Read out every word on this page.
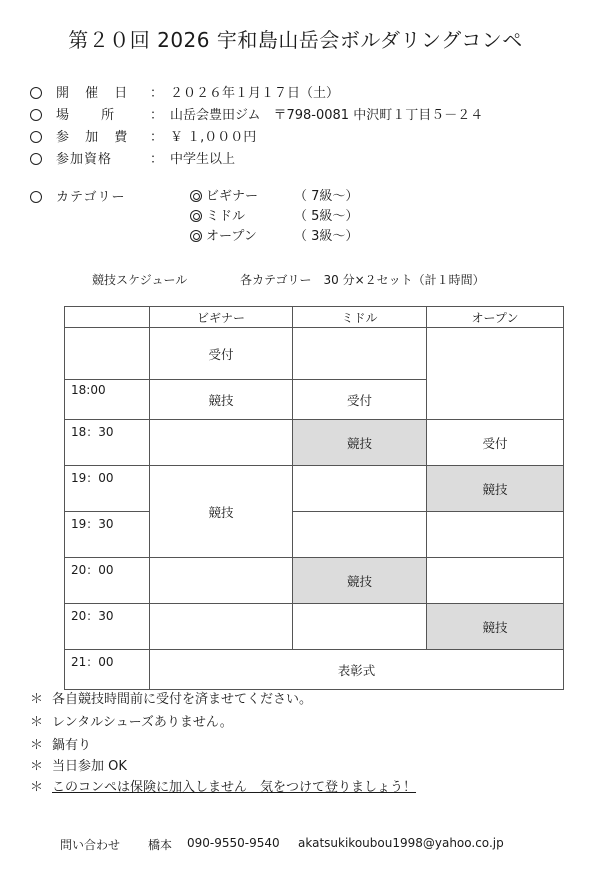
第２０回 2026 宇和島山岳会ボルダリングコンペ
開 催 日 ： ２０２６年１月１７日（土）
場 所 ： 山岳会豊田ジム　〒798-0081 中沢町１丁目５－２４
参 加 費 ： ￥ １,０００円
参加資格	： 中学生以上
カテゴリー	ビギナー	（ 7級～）
ミドル	（ 5級～）
オープン	（ 3級～）
競技スケジュール	各カテゴリー　30 分×２セット（計１時間）
	ビギナー	ミドル	オープン
	受付		
18:00	競技	受付	
18：30		競技	受付
19：00	競技		競技
19：30			
20：00		競技	
20：30			競技
21：00	表彰式		
＊ 各自競技時間前に受付を済ませてください。
＊ レンタルシューズありません。
＊ 鍋有り
＊ 当日参加 OK
＊ このコンペは保険に加入しません　気をつけて登りましょう！
問い合わせ 橋本 090-9550-9540 akatsukikoubou1998@yahoo.co.jp
